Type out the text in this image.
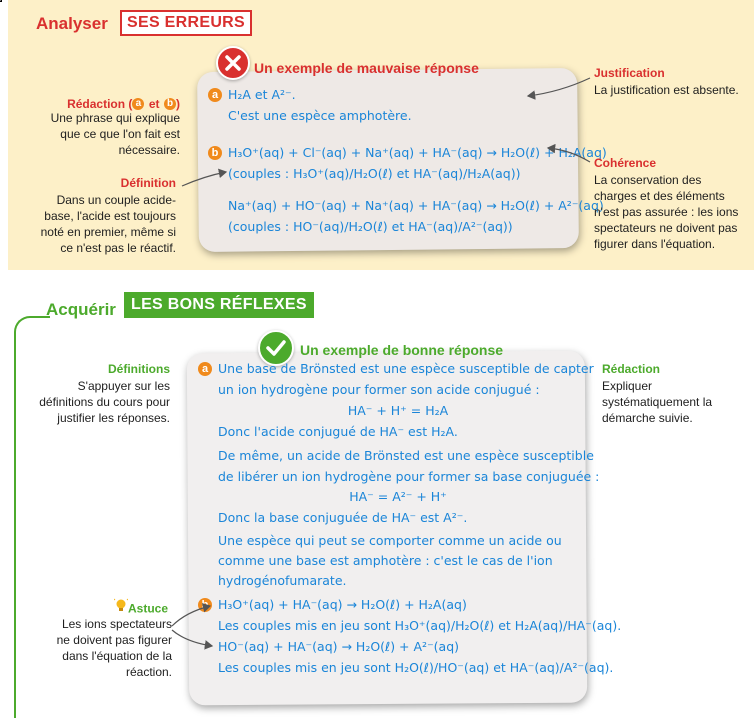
Analyser	SES ERREURS
Un exemple de mauvaise réponse
a H₂A et A²⁻.
C'est une espèce amphotère.
b H₃O⁺(aq) + Cl⁻(aq) + Na⁺(aq) + HA⁻(aq) → H₂O(ℓ) + H₂A(aq)
(couples : H₃O⁺(aq)/H₂O(ℓ) et HA⁻(aq)/H₂A(aq))
Na⁺(aq) + HO⁻(aq) + Na⁺(aq) + HA⁻(aq) → H₂O(ℓ) + A²⁻(aq)
(couples : HO⁻(aq)/H₂O(ℓ) et HA⁻(aq)/A²⁻(aq))
Rédaction ( a et b )
Une phrase qui explique que ce que l'on fait est nécessaire.
Définition
Dans un couple acide-base, l'acide est toujours noté en premier, même si ce n'est pas le réactif.
Justification
La justification est absente.
Cohérence
La conservation des charges et des éléments n'est pas assurée : les ions spectateurs ne doivent pas figurer dans l'équation.
Acquérir LES BONS RÉFLEXES
Un exemple de bonne réponse
a Une base de Brönsted est une espèce susceptible de capter
un ion hydrogène pour former son acide conjugué :
HA⁻ + H⁺ = H₂A
Donc l'acide conjugué de HA⁻ est H₂A.
De même, un acide de Brönsted est une espèce susceptible
de libérer un ion hydrogène pour former sa base conjuguée :
HA⁻ = A²⁻ + H⁺
Donc la base conjuguée de HA⁻ est A²⁻.
Une espèce qui peut se comporter comme un acide ou
comme une base est amphotère : c'est le cas de l'ion
hydrogénofumarate.
b H₃O⁺(aq) + HA⁻(aq) → H₂O(ℓ) + H₂A(aq)
Les couples mis en jeu sont H₃O⁺(aq)/H₂O(ℓ) et H₂A(aq)/HA⁻(aq).
HO⁻(aq) + HA⁻(aq) → H₂O(ℓ) + A²⁻(aq)
Les couples mis en jeu sont H₂O(ℓ)/HO⁻(aq) et HA⁻(aq)/A²⁻(aq).
Définitions
S'appuyer sur les définitions du cours pour justifier les réponses.
Astuce
Les ions spectateurs ne doivent pas figurer dans l'équation de la réaction.
Rédaction
Expliquer systématiquement la démarche suivie.
